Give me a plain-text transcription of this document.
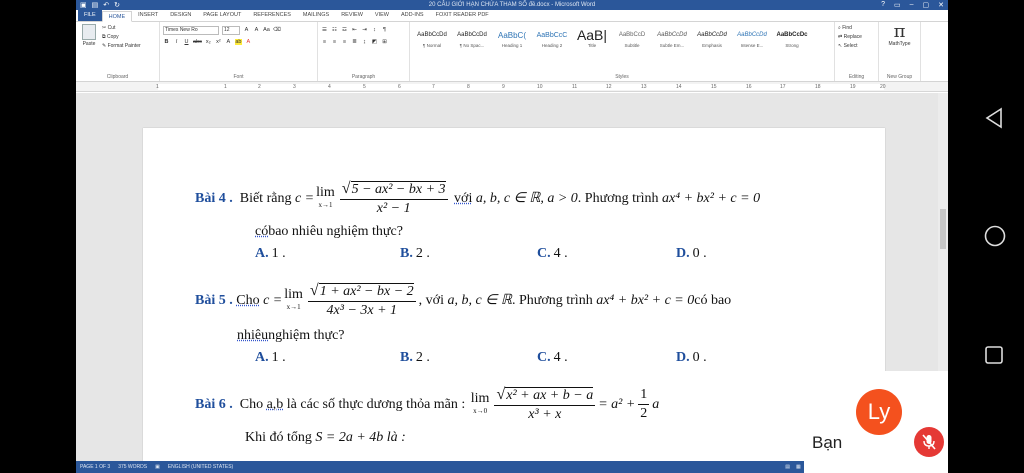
▣ ▤ ↶ ↻	20 CÂU GIỚI HẠN CHỨA THAM SỐ đề.docx - Microsoft Word	? ▭ – ▢ ✕
FILE	HOME	INSERT	DESIGN	PAGE LAYOUT	REFERENCES	MAILINGS	REVIEW	VIEW	ADD-INS	FOXIT READER PDF
Paste
✂ Cut
⧉ Copy
✎ Format Painter
Clipboard
Times New Ro	12	A	A Aa ⌫
B	I	U abc x₂ x²	A ab A
Font
☰ ☷ ☲ ⇤ ⇥	↕	¶
≡	≡	≡	≣	↨	◩ ⊞
Paragraph
AaBbCcDd
¶ Normal
AaBbCcDd
¶ No Spac...
AaBbC(
Heading 1
AaBbCcC
Heading 2
AaB|
Title
AaBbCcD
Subtitle
AaBbCcDd
Subtle Em...
AaBbCcDd
Emphasis
AaBbCcDd
Intense E...
AaBbCcDc
Strong
Styles
⌕ Find
⇄ Replace
↖ Select
Editing
π
MathType
New Group
1	1	2	3	4	5	6	7	8	9	10	11	12	13	14	15	16	17	18	19	20
Bài 4 .
Biết rằng
c = lim
$x\to 1 \frac{\text{√5 − ax² − bx + 3}}{\text{x² − 1}}$
với
a, b, c ∈ ℝ, a > 0 . Phương trình
ax⁴ + bx² + c = 0
có bao nhiêu nghiệm thực?
A. 1 .	B. 2 .	C. 4 .	D. 0 .
Bài 5 .
Cho
c = lim
$x\to 1 \frac{\text{√1 + ax² − bx − 2}}{\text{4x³ − 3x + 1}}$ , với
a, b, c ∈ ℝ . Phương trình
ax⁴ + bx² + c = 0 có bao
nhiêu nghiệm thực?
A. 1 .	B. 2 .	C. 4 .	D. 0 .
Bài 6 .
Cho
a,b
là các số thực dương thỏa mãn :
lim
$x\to 0 \frac{\text{√x² + ax + b − a}}{\text{x³ + x}} = a^2 + \frac{1}{2}$ a
Khi đó tổng
S = 2a + 4b
là :
PAGE 1 OF 3 375 WORDS ▣ ENGLISH (UNITED STATES)	▤ ▦
Ly
Bạn
